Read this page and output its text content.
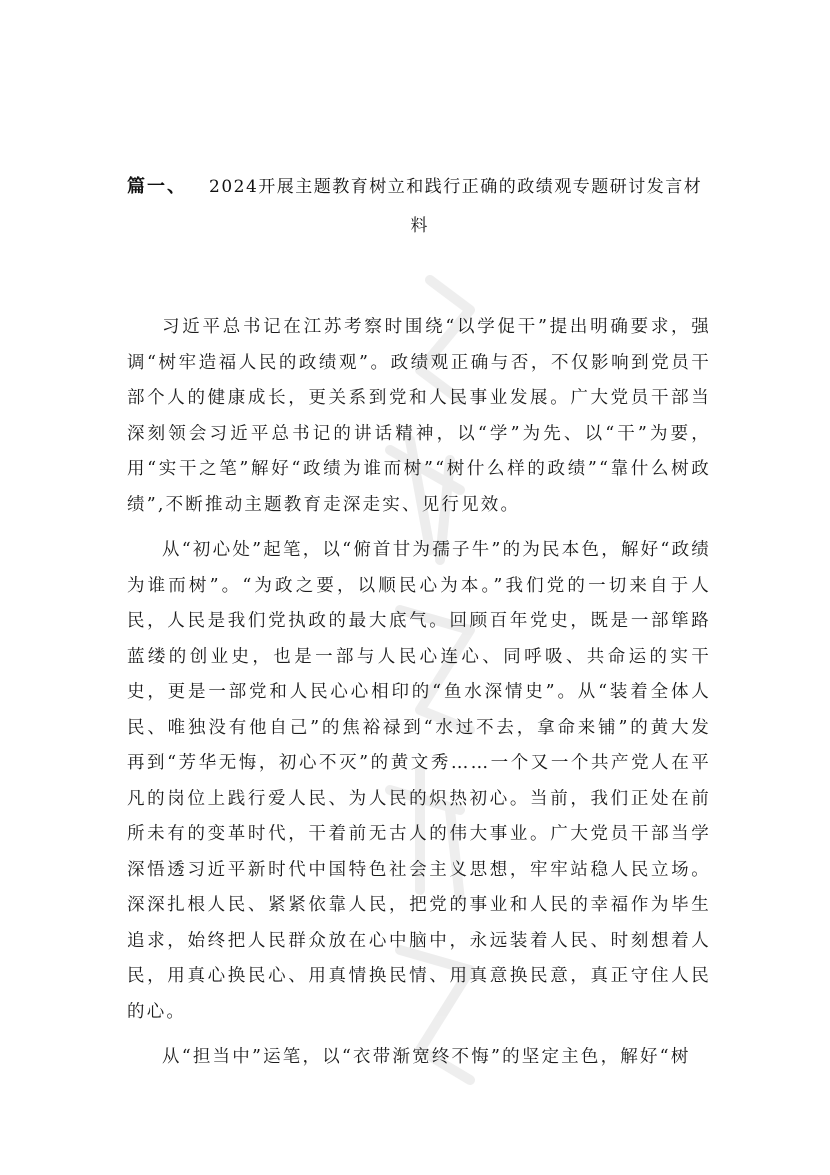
篇一、 2024开展主题教育树立和践行正确的政绩观专题研讨发言材
料

习近平总书记在江苏考察时围绕“以学促干”提出明确要求，强调“树牢造福人民的政绩观”。政绩观正确与否，不仅影响到党员干部个人的健康成长，更关系到党和人民事业发展。广大党员干部当深刻领会习近平总书记的讲话精神，以“学”为先、以“干”为要，用“实干之笔”解好“政绩为谁而树”“树什么样的政绩”“靠什么树政绩”,不断推动主题教育走深走实、见行见效。

从“初心处”起笔，以“俯首甘为孺子牛”的为民本色，解好“政绩为谁而树”。“为政之要，以顺民心为本。”我们党的一切来自于人民，人民是我们党执政的最大底气。回顾百年党史，既是一部筚路蓝缕的创业史，也是一部与人民心连心、同呼吸、共命运的实干史，更是一部党和人民心心相印的“鱼水深情史”。从“装着全体人民、唯独没有他自己”的焦裕禄到“水过不去，拿命来铺”的黄大发再到“芳华无悔，初心不灭”的黄文秀……一个又一个共产党人在平凡的岗位上践行爱人民、为人民的炽热初心。当前，我们正处在前所未有的变革时代，干着前无古人的伟大事业。广大党员干部当学深悟透习近平新时代中国特色社会主义思想，牢牢站稳人民立场。深深扎根人民、紧紧依靠人民，把党的事业和人民的幸福作为毕生追求，始终把人民群众放在心中脑中，永远装着人民、时刻想着人民，用真心换民心、用真情换民情、用真意换民意，真正守住人民的心。

从“担当中”运笔，以“衣带渐宽终不悔”的坚定主色，解好“树
